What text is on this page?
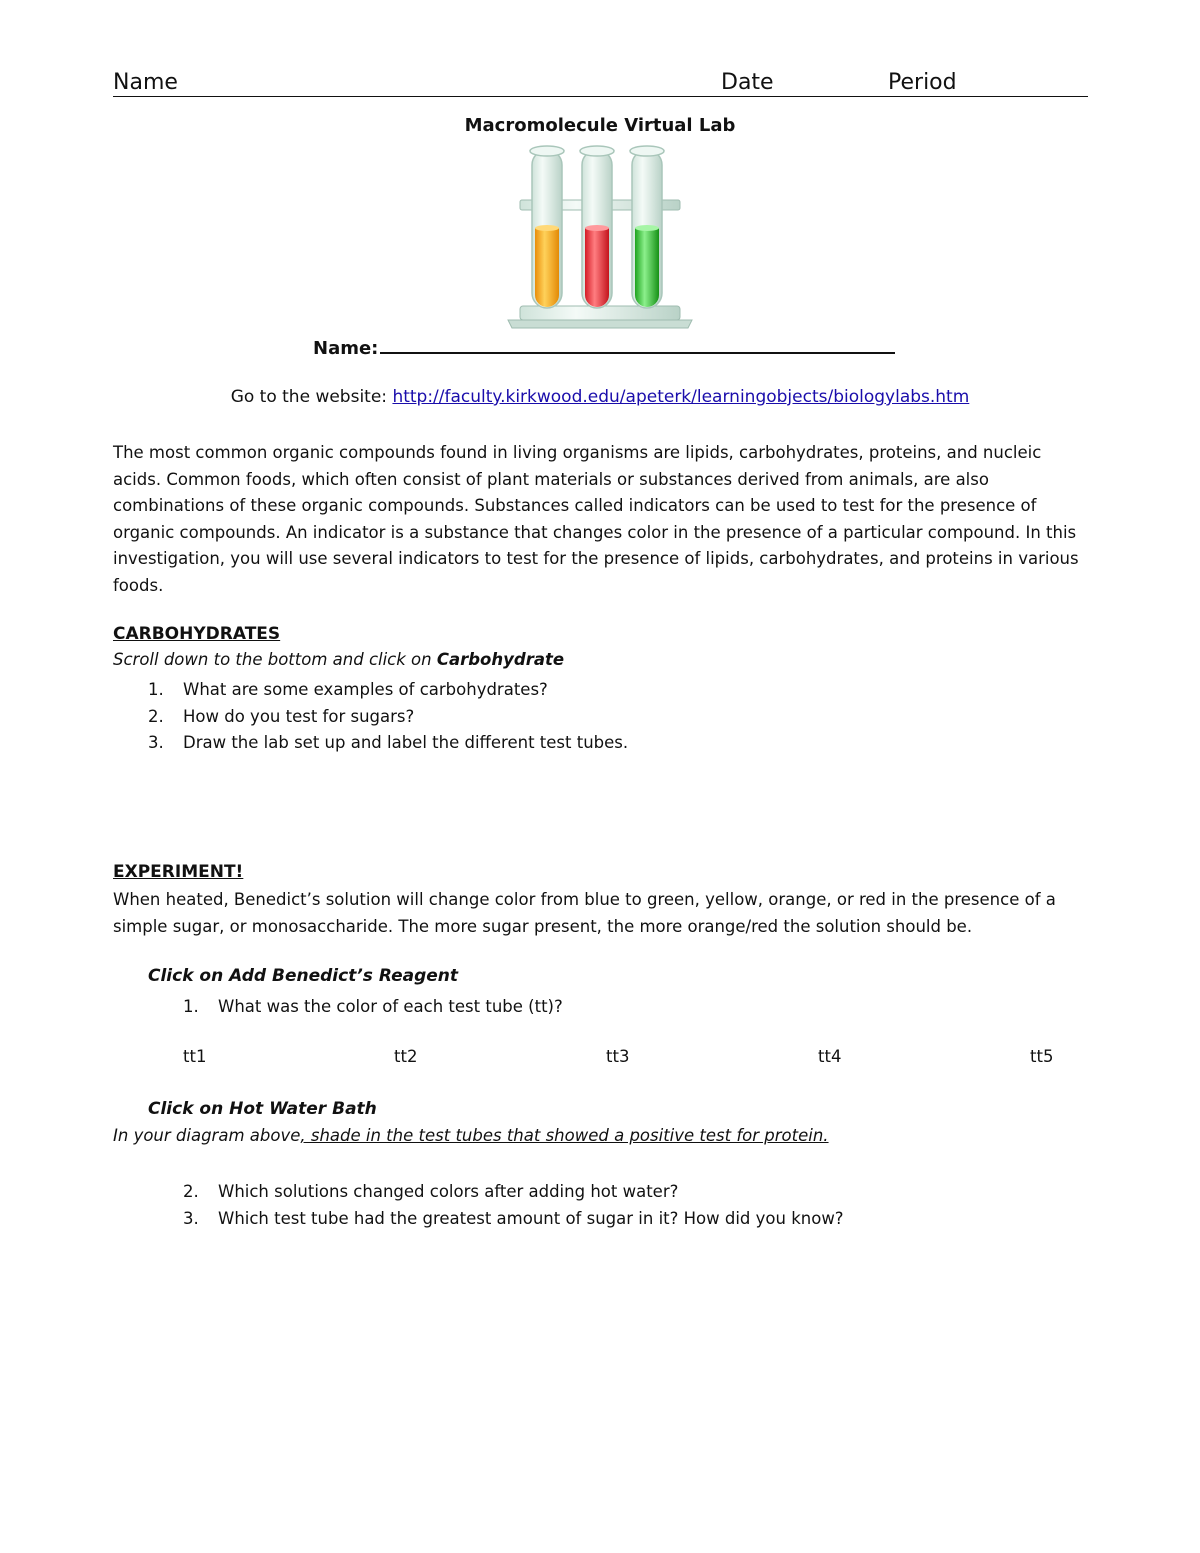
Name	Date	Period
Macromolecule Virtual Lab
Name:
Go to the website: http://faculty.kirkwood.edu/apeterk/learningobjects/biologylabs.htm

The most common organic compounds found in living organisms are lipids, carbohydrates, proteins, and nucleic acids. Common foods, which often consist of plant materials or substances derived from animals, are also combinations of these organic compounds. Substances called indicators can be used to test for the presence of organic compounds. An indicator is a substance that changes color in the presence of a particular compound. In this investigation, you will use several indicators to test for the presence of lipids, carbohydrates, and proteins in various foods.

CARBOHYDRATES
Scroll down to the bottom and click on Carbohydrate
1. What are some examples of carbohydrates?
2. How do you test for sugars?
3. Draw the lab set up and label the different test tubes.
EXPERIMENT!

When heated, Benedict’s solution will change color from blue to green, yellow, orange, or red in the presence of a simple sugar, or monosaccharide. The more sugar present, the more orange/red the solution should be.

Click on Add Benedict’s Reagent
1. What was the color of each test tube (tt)?
tt1	tt2	tt3	tt4	tt5
Click on Hot Water Bath
In your diagram above, shade in the test tubes that showed a positive test for protein.
2. Which solutions changed colors after adding hot water?
3. Which test tube had the greatest amount of sugar in it? How did you know?
